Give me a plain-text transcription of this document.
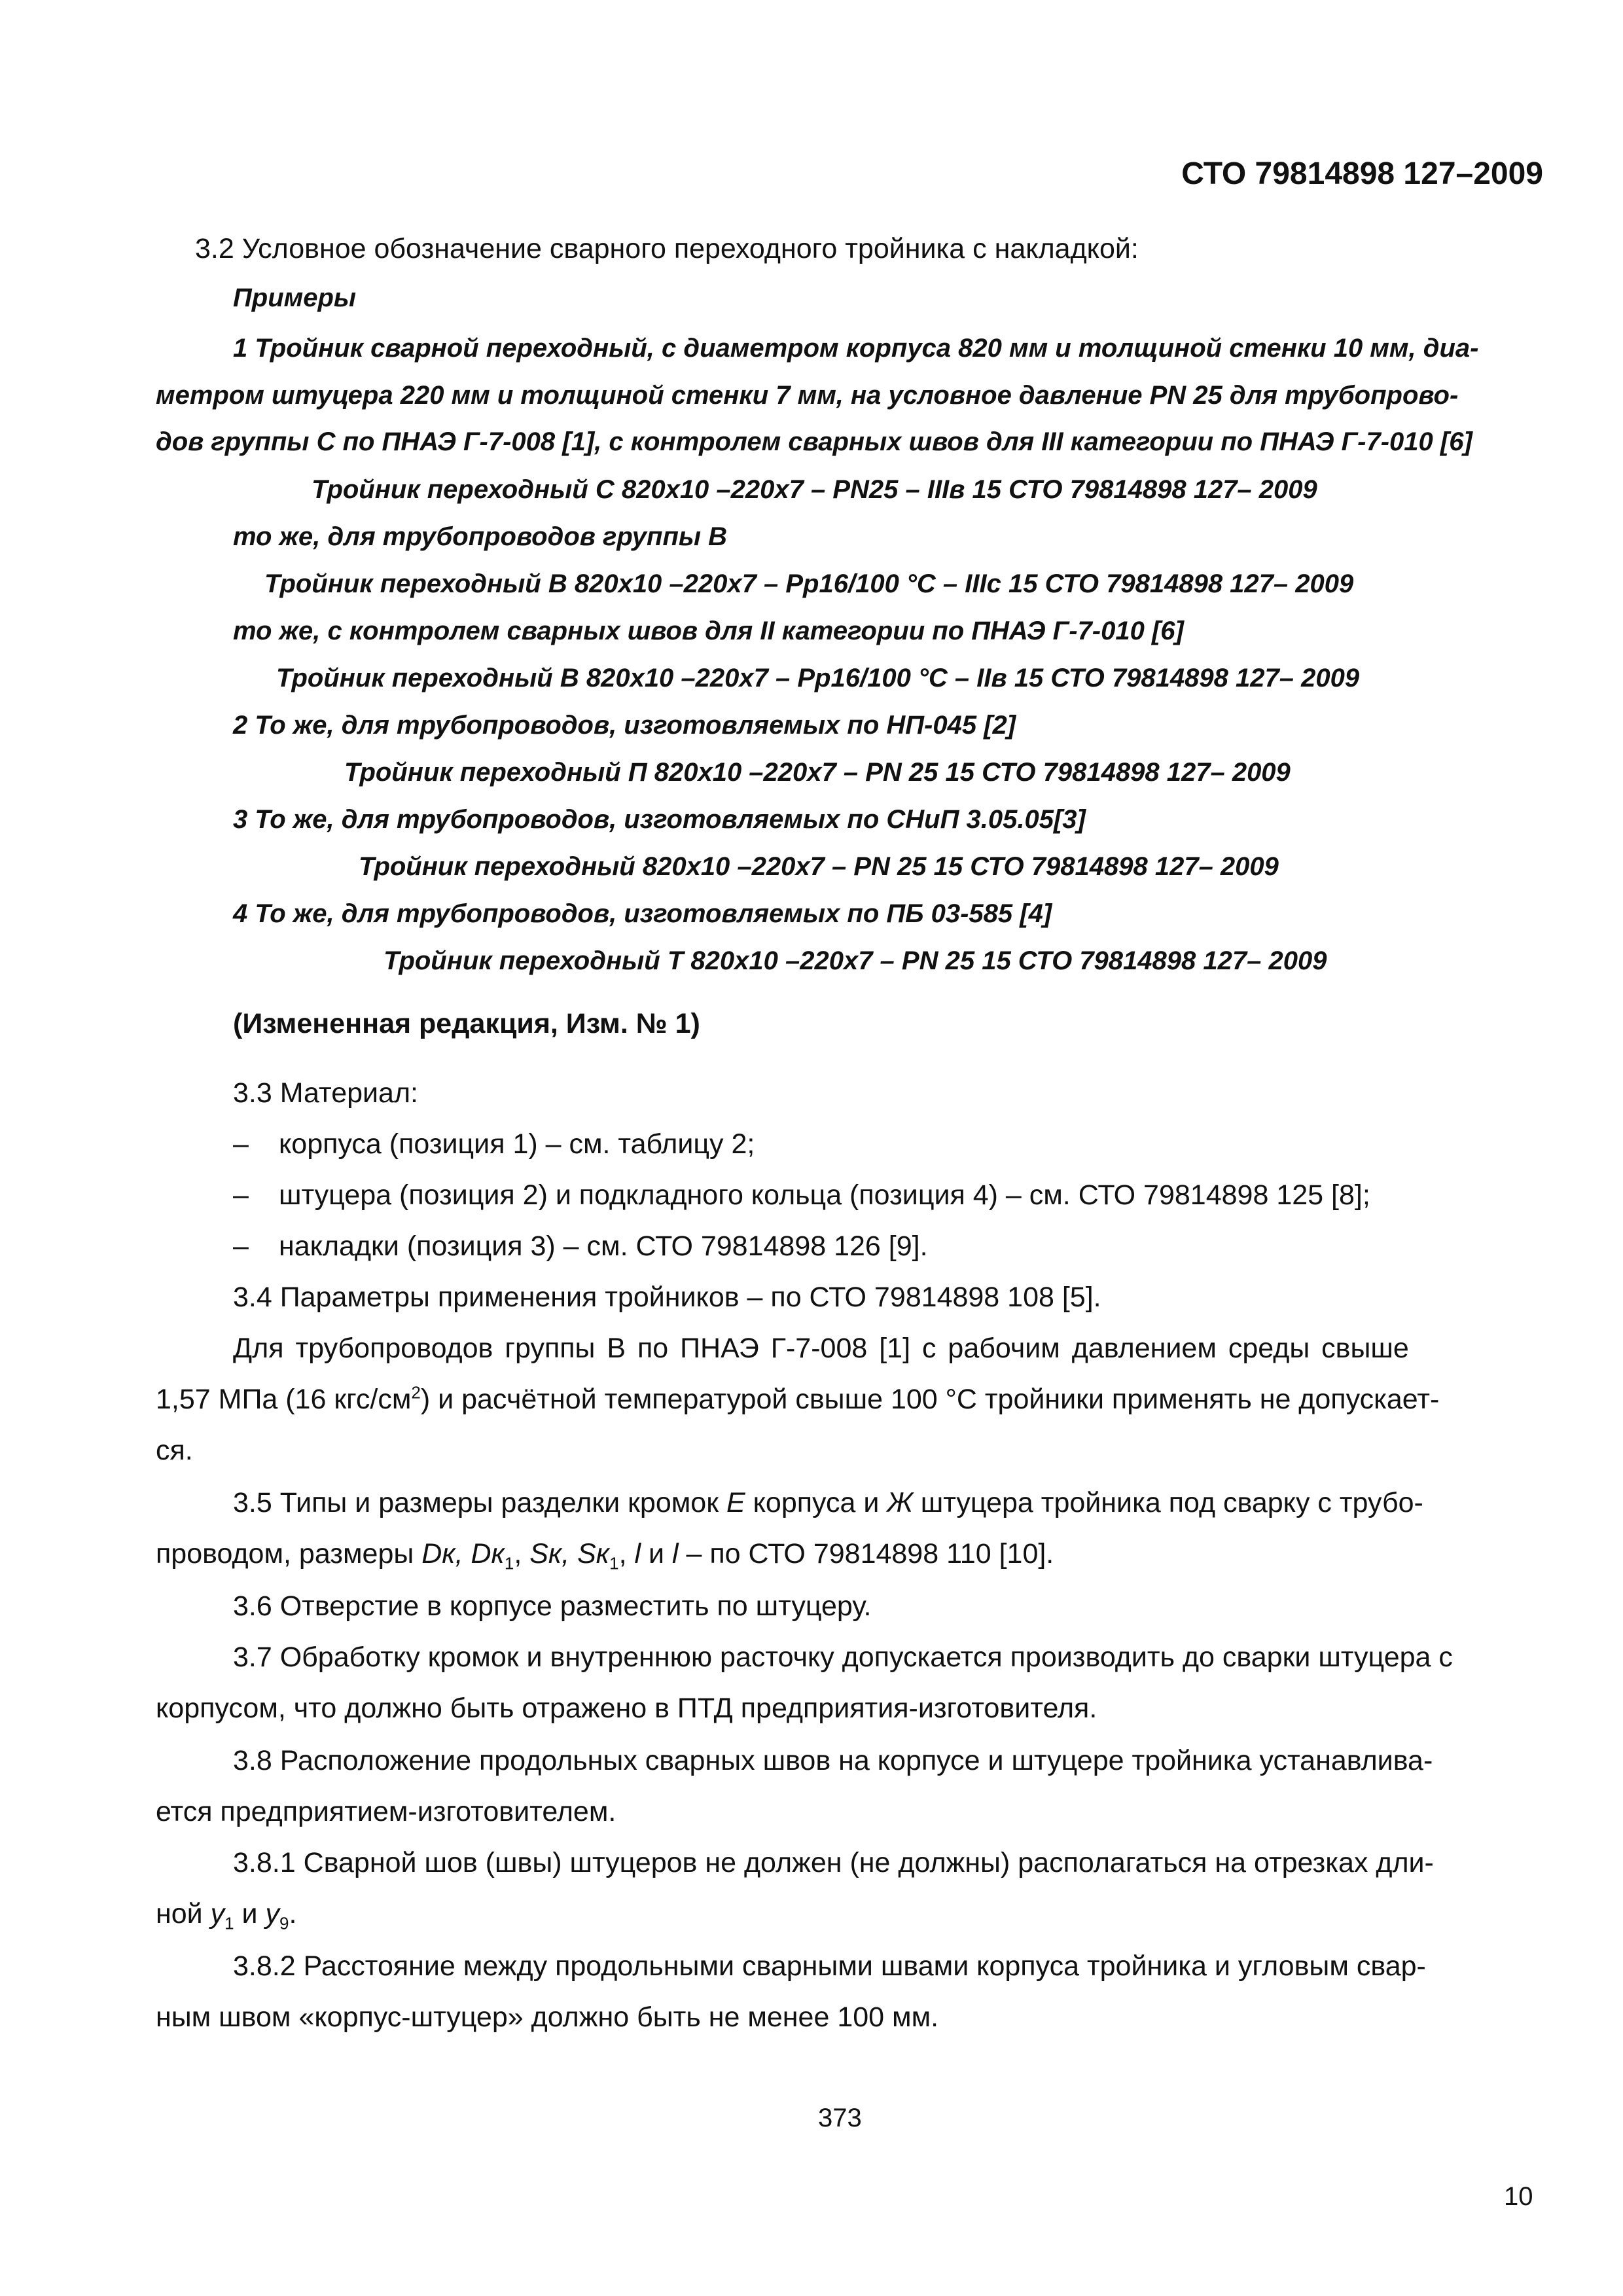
СТО 79814898 127–2009
3.2 Условное обозначение сварного переходного тройника с накладкой:
Примеры
1 Тройник сварной переходный, с диаметром корпуса 820 мм и толщиной стенки 10 мм, диа-
метром штуцера 220 мм и толщиной стенки 7 мм, на условное давление PN 25 для трубопрово-
дов группы С по ПНАЭ Г-7-008 [1], с контролем сварных швов для III категории по ПНАЭ Г-7-010 [6]
Тройник переходный С 820х10 –220х7 – PN25 – IIIв 15 СТО 79814898 127– 2009
то же, для трубопроводов группы В
Тройник переходный В 820х10 –220х7 – Рр16/100 °С – IIIс 15 СТО 79814898 127– 2009
то же, с контролем сварных швов для II категории по ПНАЭ Г-7-010 [6]
Тройник переходный В 820х10 –220х7 – Рр16/100 °С – IIв 15 СТО 79814898 127– 2009
2 То же, для трубопроводов, изготовляемых по НП-045 [2]
Тройник переходный П 820х10 –220х7 – PN 25 15 СТО 79814898 127– 2009
3 То же, для трубопроводов, изготовляемых по СНиП 3.05.05[3]
Тройник переходный 820х10 –220х7 – PN 25 15 СТО 79814898 127– 2009
4 То же, для трубопроводов, изготовляемых по ПБ 03-585 [4]
Тройник переходный Т 820х10 –220х7 – PN 25 15 СТО 79814898 127– 2009
(Измененная редакция, Изм. № 1)
3.3 Материал:
– корпуса (позиция 1) – см. таблицу 2;
– штуцера (позиция 2) и подкладного кольца (позиция 4) – см. СТО 79814898 125 [8];
– накладки (позиция 3) – см. СТО 79814898 126 [9].
3.4 Параметры применения тройников – по СТО 79814898 108 [5].
Для трубопроводов группы В по ПНАЭ Г-7-008 [1] с рабочим давлением среды свыше
1,57 МПа (16 кгс/$см^2$) и расчётной температурой свыше 100 °С тройники применять не допускает-
ся.
3.5 Типы и размеры разделки кромок Е корпуса и Ж штуцера тройника под сварку с трубо-
проводом, размеры Dк, $Dк_1$, Sк, $Sк_1$, l и l – по СТО 79814898 110 [10].
3.6 Отверстие в корпусе разместить по штуцеру.
3.7 Обработку кромок и внутреннюю расточку допускается производить до сварки штуцера с
корпусом, что должно быть отражено в ПТД предприятия-изготовителя.
3.8 Расположение продольных сварных швов на корпусе и штуцере тройника устанавлива-
ется предприятием-изготовителем.
3.8.1 Сварной шов (швы) штуцеров не должен (не должны) располагаться на отрезках дли-
ной $y_1$ и $y_9$.
3.8.2 Расстояние между продольными сварными швами корпуса тройника и угловым свар-
ным швом «корпус-штуцер» должно быть не менее 100 мм.
373
10
